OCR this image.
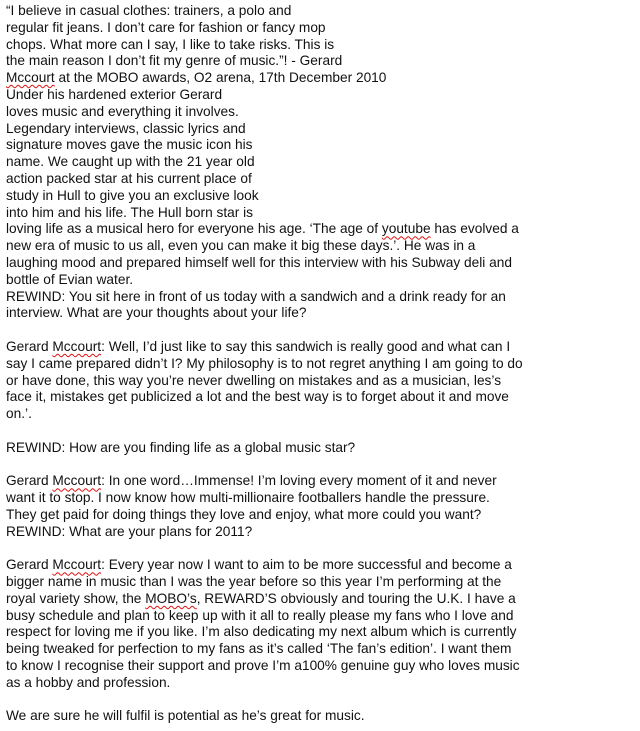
“I believe in casual clothes: trainers, a polo and
regular fit jeans. I don’t care for fashion or fancy mop
chops. What more can I say, I like to take risks. This is
the main reason I don’t fit my genre of music.”! - Gerard
Mccourt at the MOBO awards, O2 arena, 17th December 2010
Under his hardened exterior Gerard
loves music and everything it involves.
Legendary interviews, classic lyrics and
signature moves gave the music icon his
name. We caught up with the 21 year old
action packed star at his current place of
study in Hull to give you an exclusive look
into him and his life. The Hull born star is
loving life as a musical hero for everyone his age. ‘The age of youtube has evolved a
new era of music to us all, even you can make it big these days.’. He was in a
laughing mood and prepared himself well for this interview with his Subway deli and
bottle of Evian water.
REWIND: You sit here in front of us today with a sandwich and a drink ready for an
interview. What are your thoughts about your life?
Gerard Mccourt: Well, I’d just like to say this sandwich is really good and what can I
say I came prepared didn’t I? My philosophy is to not regret anything I am going to do
or have done, this way you’re never dwelling on mistakes and as a musician, les’s
face it, mistakes get publicized a lot and the best way is to forget about it and move
on.’.
REWIND: How are you finding life as a global music star?
Gerard Mccourt: In one word…Immense! I’m loving every moment of it and never
want it to stop. I now know how multi-millionaire footballers handle the pressure.
They get paid for doing things they love and enjoy, what more could you want?
REWIND: What are your plans for 2011?
Gerard Mccourt: Every year now I want to aim to be more successful and become a
bigger name in music than I was the year before so this year I’m performing at the
royal variety show, the MOBO’s, REWARD’S obviously and touring the U.K. I have a
busy schedule and plan to keep up with it all to really please my fans who I love and
respect for loving me if you like. I’m also dedicating my next album which is currently
being tweaked for perfection to my fans as it’s called ‘The fan’s edition’. I want them
to know I recognise their support and prove I’m a100% genuine guy who loves music
as a hobby and profession.
We are sure he will fulfil is potential as he’s great for music.
